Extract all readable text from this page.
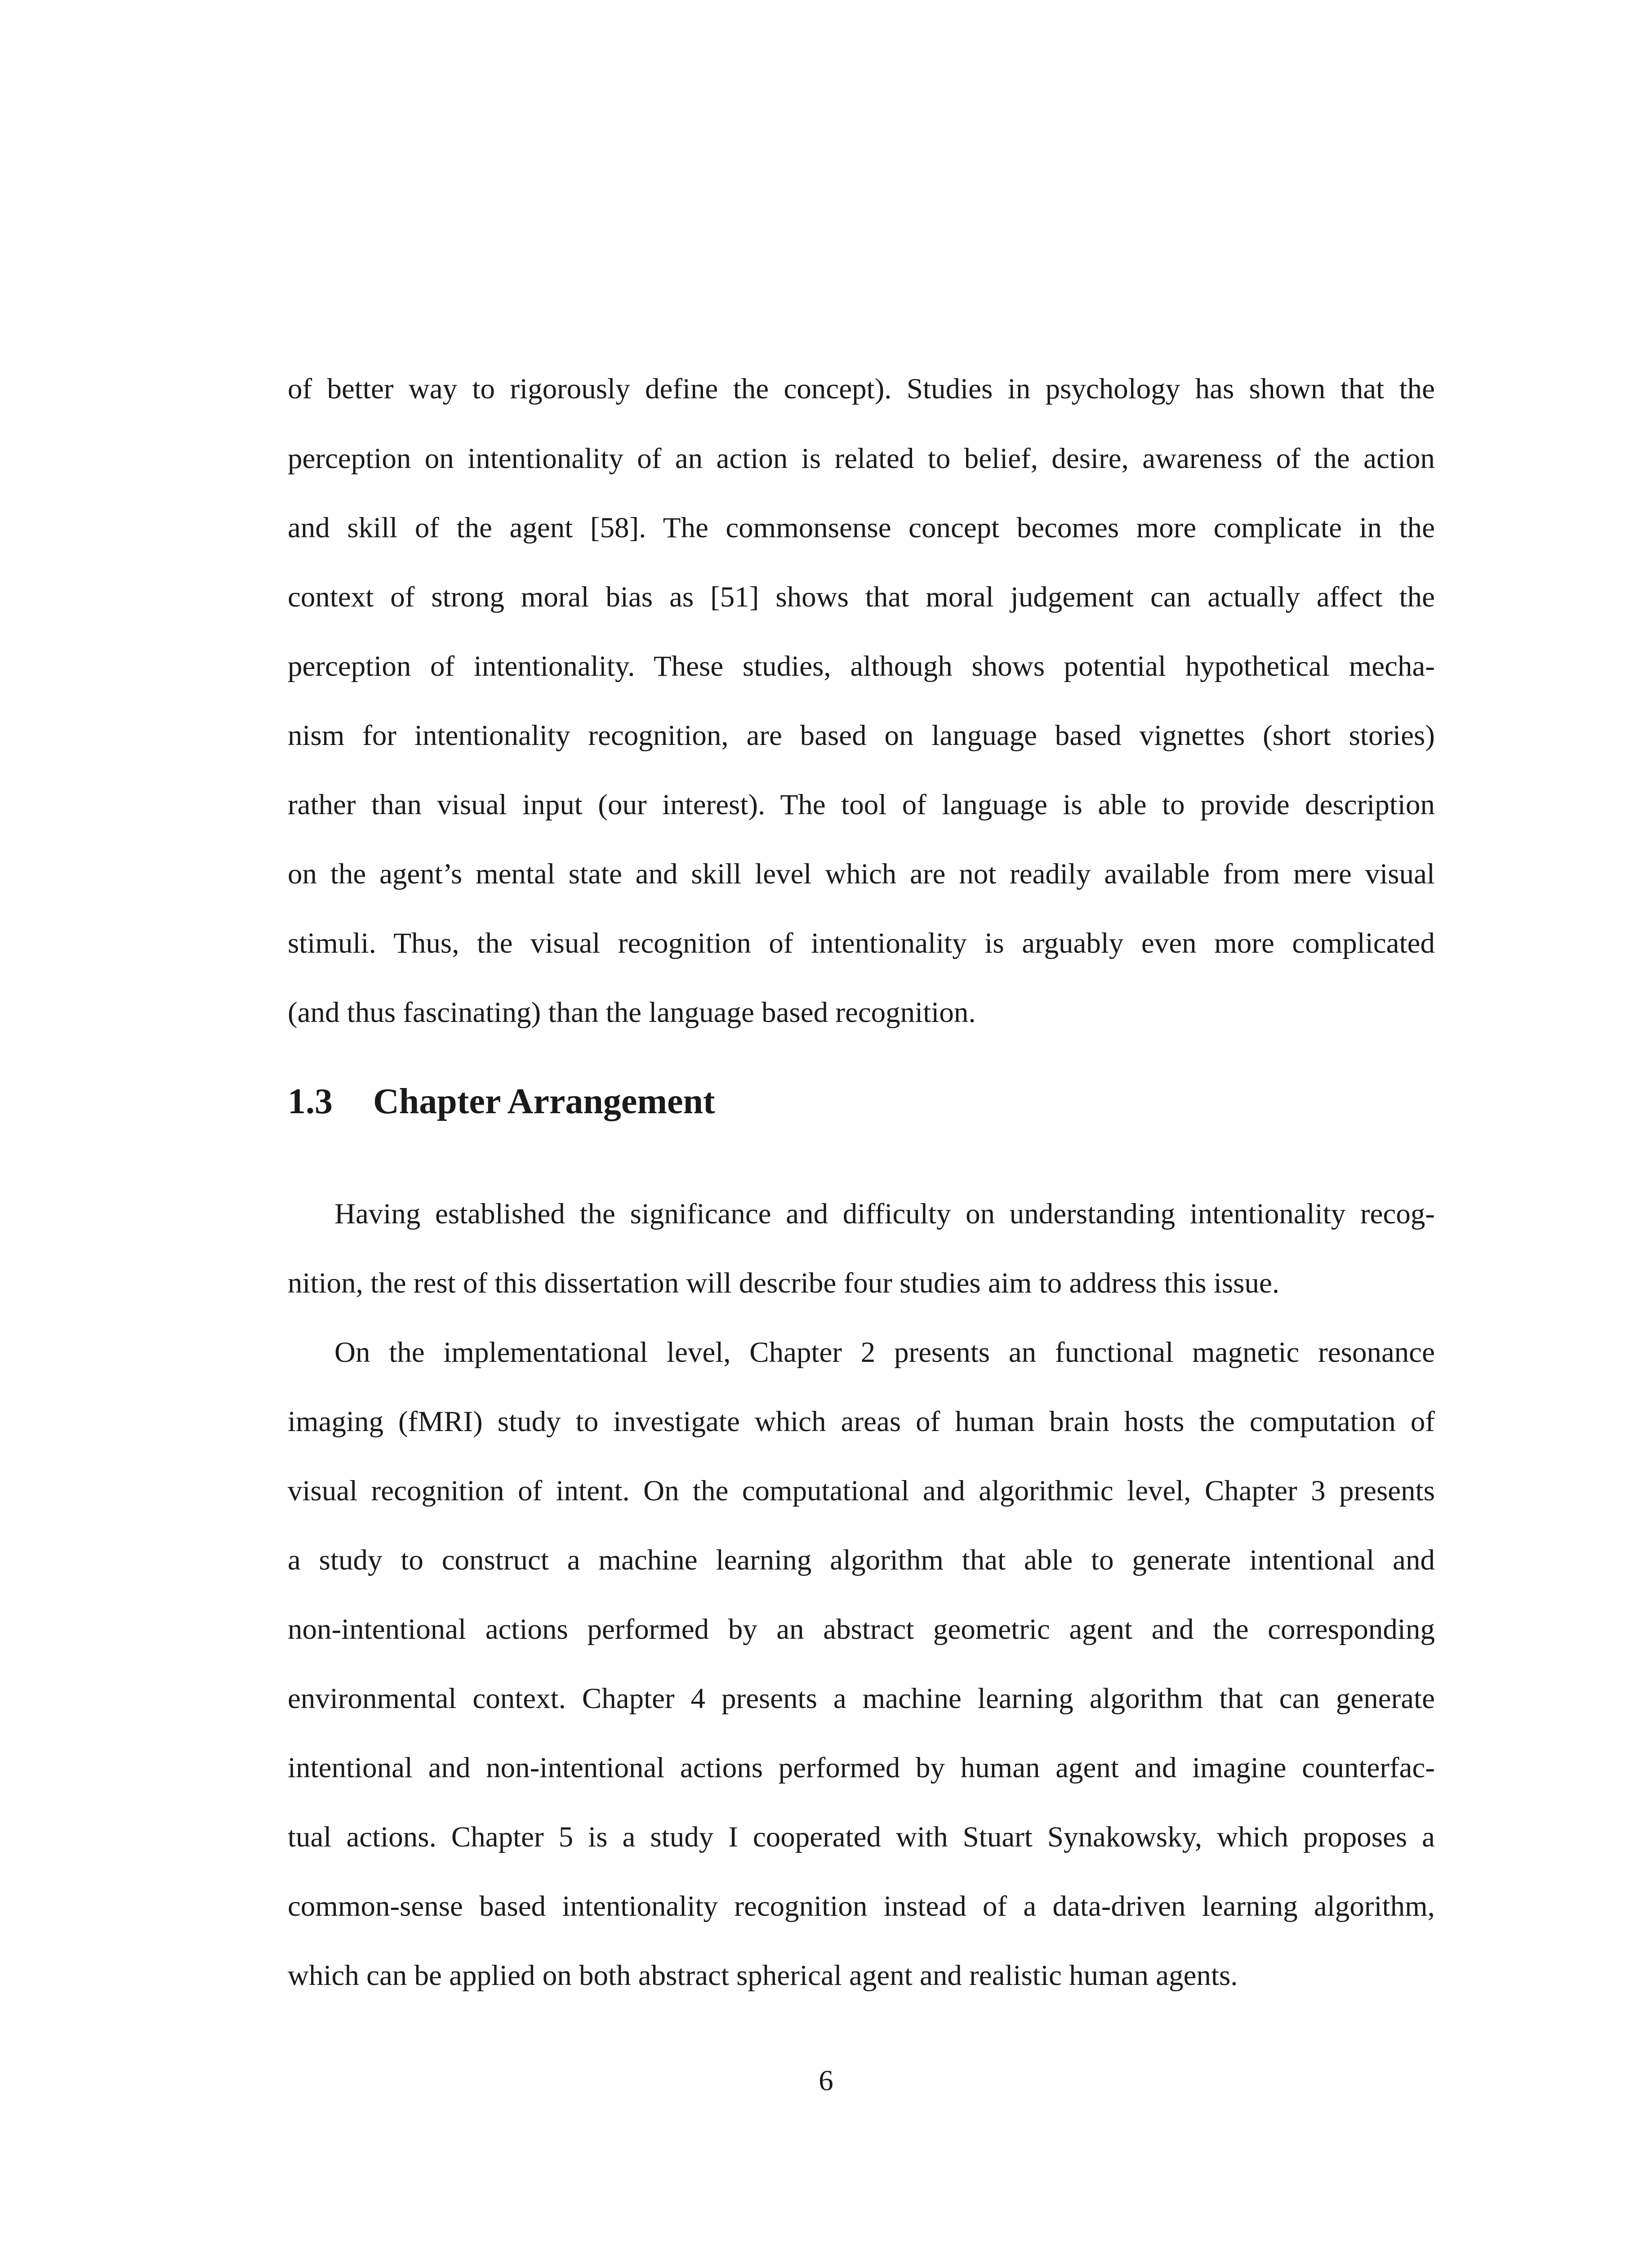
of better way to rigorously define the concept). Studies in psychology has shown that the
perception on intentionality of an action is related to belief, desire, awareness of the action
and skill of the agent [58]. The commonsense concept becomes more complicate in the
context of strong moral bias as [51] shows that moral judgement can actually affect the
perception of intentionality. These studies, although shows potential hypothetical mecha-
nism for intentionality recognition, are based on language based vignettes (short stories)
rather than visual input (our interest). The tool of language is able to provide description
on the agent’s mental state and skill level which are not readily available from mere visual
stimuli. Thus, the visual recognition of intentionality is arguably even more complicated
(and thus fascinating) than the language based recognition.
1.3 Chapter Arrangement
Having established the significance and difficulty on understanding intentionality recog-
nition, the rest of this dissertation will describe four studies aim to address this issue.
On the implementational level, Chapter 2 presents an functional magnetic resonance
imaging (fMRI) study to investigate which areas of human brain hosts the computation of
visual recognition of intent. On the computational and algorithmic level, Chapter 3 presents
a study to construct a machine learning algorithm that able to generate intentional and
non-intentional actions performed by an abstract geometric agent and the corresponding
environmental context. Chapter 4 presents a machine learning algorithm that can generate
intentional and non-intentional actions performed by human agent and imagine counterfac-
tual actions. Chapter 5 is a study I cooperated with Stuart Synakowsky, which proposes a
common-sense based intentionality recognition instead of a data-driven learning algorithm,
which can be applied on both abstract spherical agent and realistic human agents.
6
